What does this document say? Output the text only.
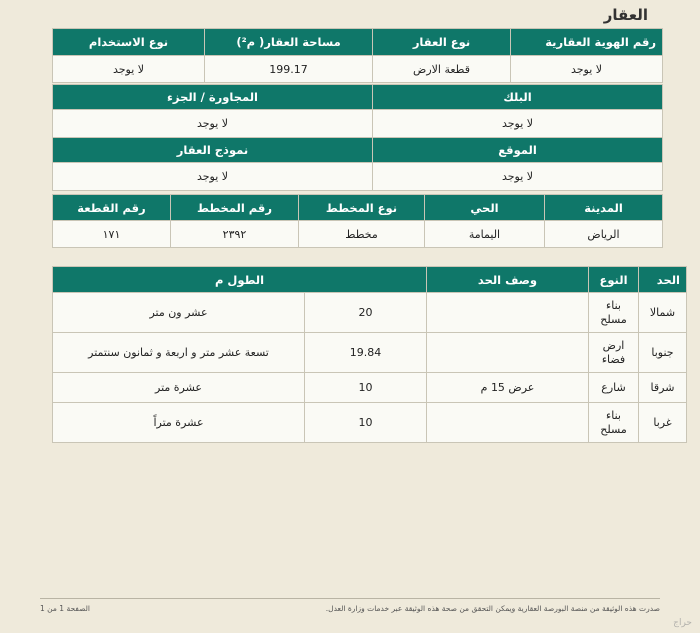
العقار
نوع الاستخدام	مساحة العقار( م²)	نوع العقار	رقم الهوية العقارية
لا يوجد	199.17	قطعة الارض	لا يوجد
المجاورة / الجزء	البلك
لا يوجد	لا يوجد
نموذج العقار	الموقع
لا يوجد	لا يوجد
رقم القطعة	رقم المخطط	نوع المخطط	الحي	المدينة
١٧١	٢٣٩٢	مخطط	اليمامة	الرياض
الطول م		وصف الحد	النوع	الحد
عشر ون متر	20		بناء مسلح	شمالا
تسعة عشر متر و اربعة و ثمانون سنتمتر	19.84		ارض فضاء	جنوبا
عشرة متر	10	عرض 15 م	شارع	شرقا
عشرة متراً	10		بناء مسلح	غربا
صدرت هذه الوثيقة من منصة البورصة العقارية ويمكن التحقق من صحة هذه الوثيقة عبر خدمات وزارة العدل.
الصفحة 1 من 1
حراج
